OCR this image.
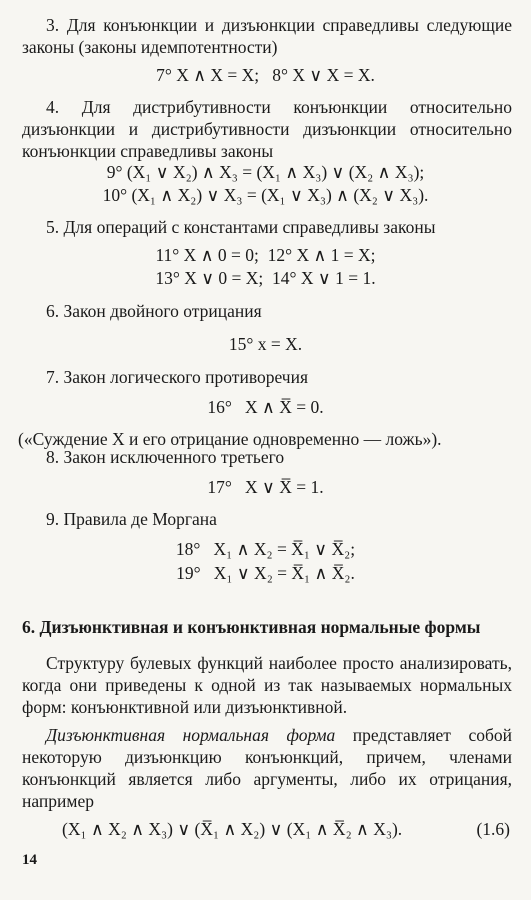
3. Для конъюнкции и дизъюнкции справедливы следующие законы (законы идемпотентности)

7° X ∧ X = X;   8° X ∨ X = X.

4. Для дистрибутивности конъюнкции относительно дизъюнкции и дистрибутивности дизъюнкции относительно конъюнкции справедливы законы

9° (X₁ ∨ X₂) ∧ X₃ = (X₁ ∧ X₃) ∨ (X₂ ∧ X₃);
10° (X₁ ∧ X₂) ∨ X₃ = (X₁ ∨ X₃) ∧ (X₂ ∨ X₃).

5. Для операций с константами справедливы законы

11° X ∧ 0 = 0;  12° X ∧ 1 = X;
13° X ∨ 0 = X;  14° X ∨ 1 = 1.

6. Закон двойного отрицания

15° x = X.

7. Закон логического противоречия

16°   X ∧ X̅ = 0.

(«Суждение X и его отрицание одновременно — ложь»).

8. Закон исключенного третьего

17°   X ∨ X̅ = 1.

9. Правила де Моргана

18°   X₁ ∧ X₂ = X̅₁ ∨ X̅₂;
19°   X₁ ∨ X₂ = X̅₁ ∧ X̅₂.
6. Дизъюнктивная и конъюнктивная нормальные формы

Структуру булевых функций наиболее просто анализировать, когда они приведены к одной из так называемых нормальных форм: конъюнктивной или дизъюнктивной.

Дизъюнктивная нормальная форма представляет собой некоторую дизъюнкцию конъюнкций, причем, членами конъюнкций является либо аргументы, либо их отрицания, например

(X₁ ∧ X₂ ∧ X₃) ∨ (X̅₁ ∧ X₂) ∨ (X₁ ∧ X̅₂ ∧ X₃).	(1.6)
14
